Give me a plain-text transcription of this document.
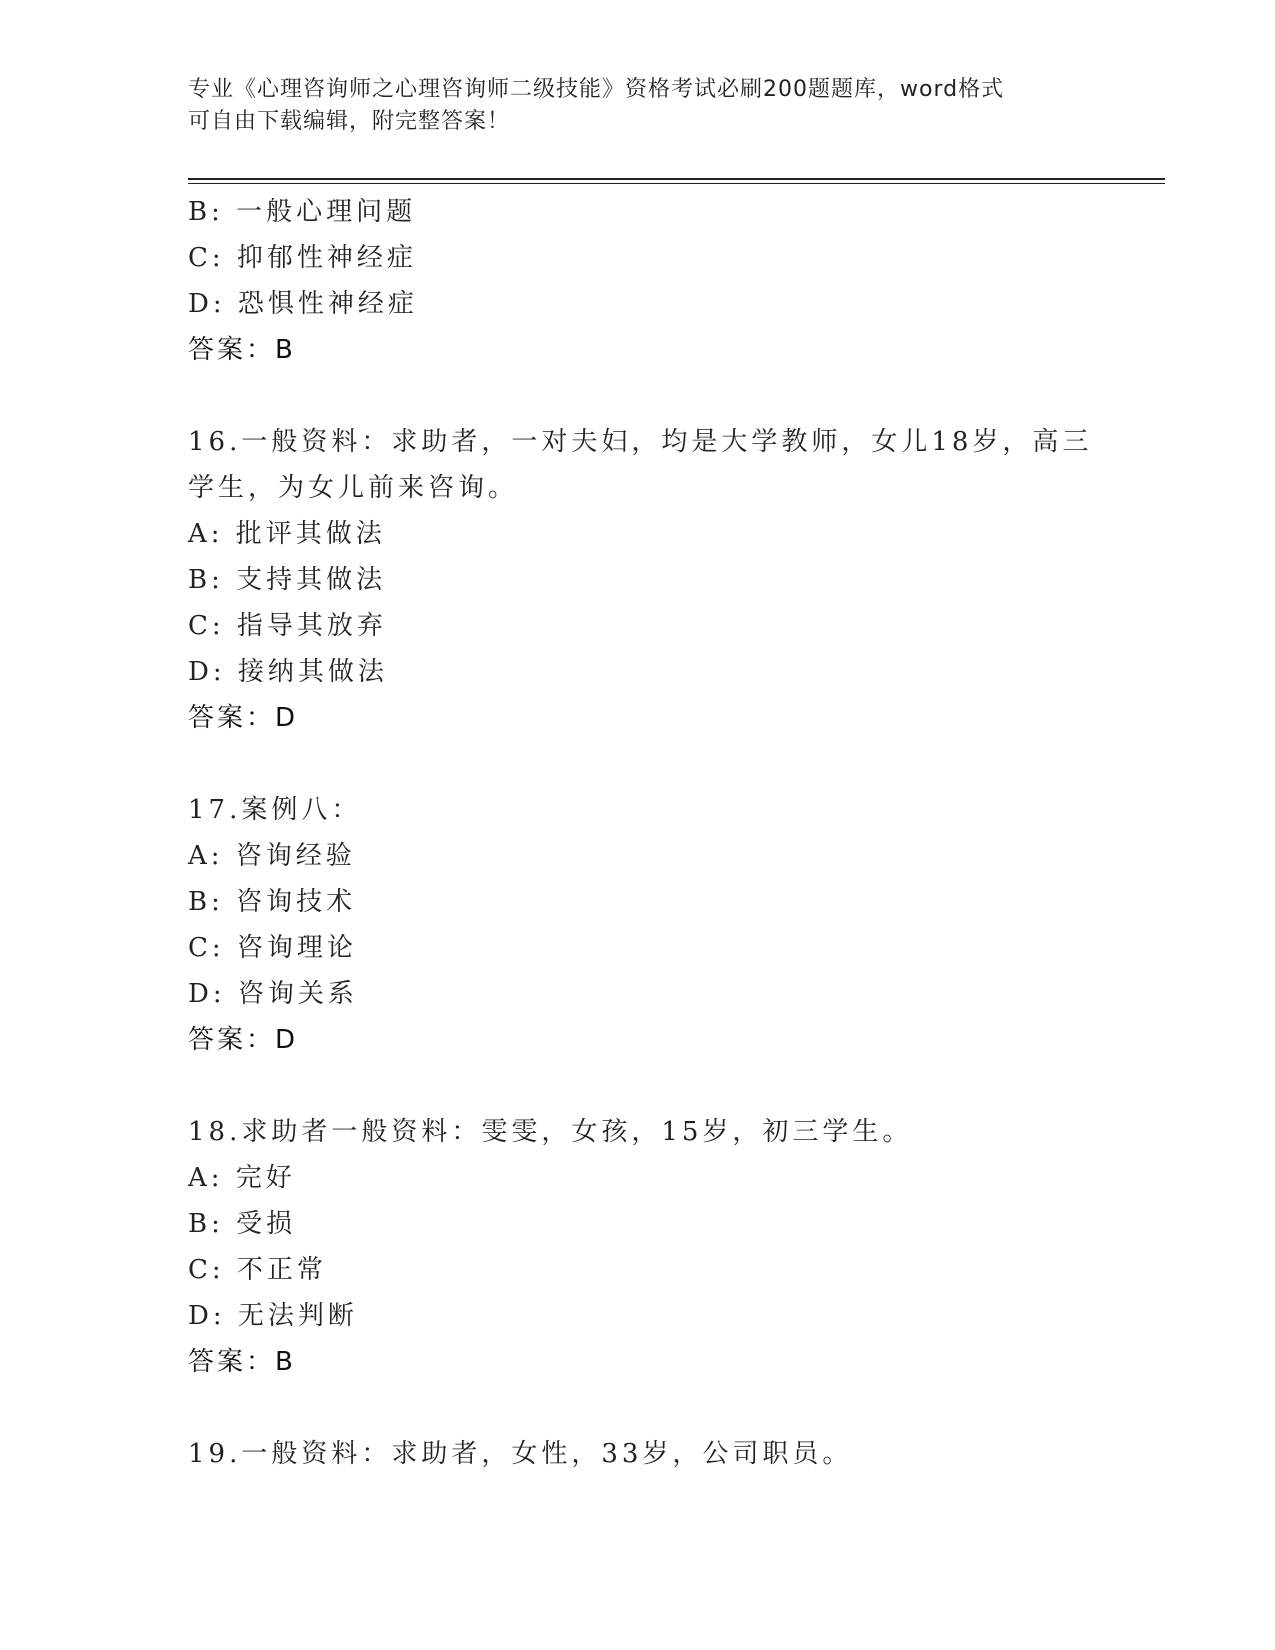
专业《心理咨询师之心理咨询师二级技能》资格考试必刷200题题库，word格式
可自由下载编辑，附完整答案！
B: 一般心理问题
C: 抑郁性神经症
D: 恐惧性神经症
答案：B
16.一般资料：求助者，一对夫妇，均是大学教师，女儿18岁，高三
学生，为女儿前来咨询。
A: 批评其做法
B: 支持其做法
C: 指导其放弃
D: 接纳其做法
答案：D
17.案例八：
A: 咨询经验
B: 咨询技术
C: 咨询理论
D: 咨询关系
答案：D
18.求助者一般资料：雯雯，女孩，15岁，初三学生。
A: 完好
B: 受损
C: 不正常
D: 无法判断
答案：B
19.一般资料：求助者，女性，33岁，公司职员。
